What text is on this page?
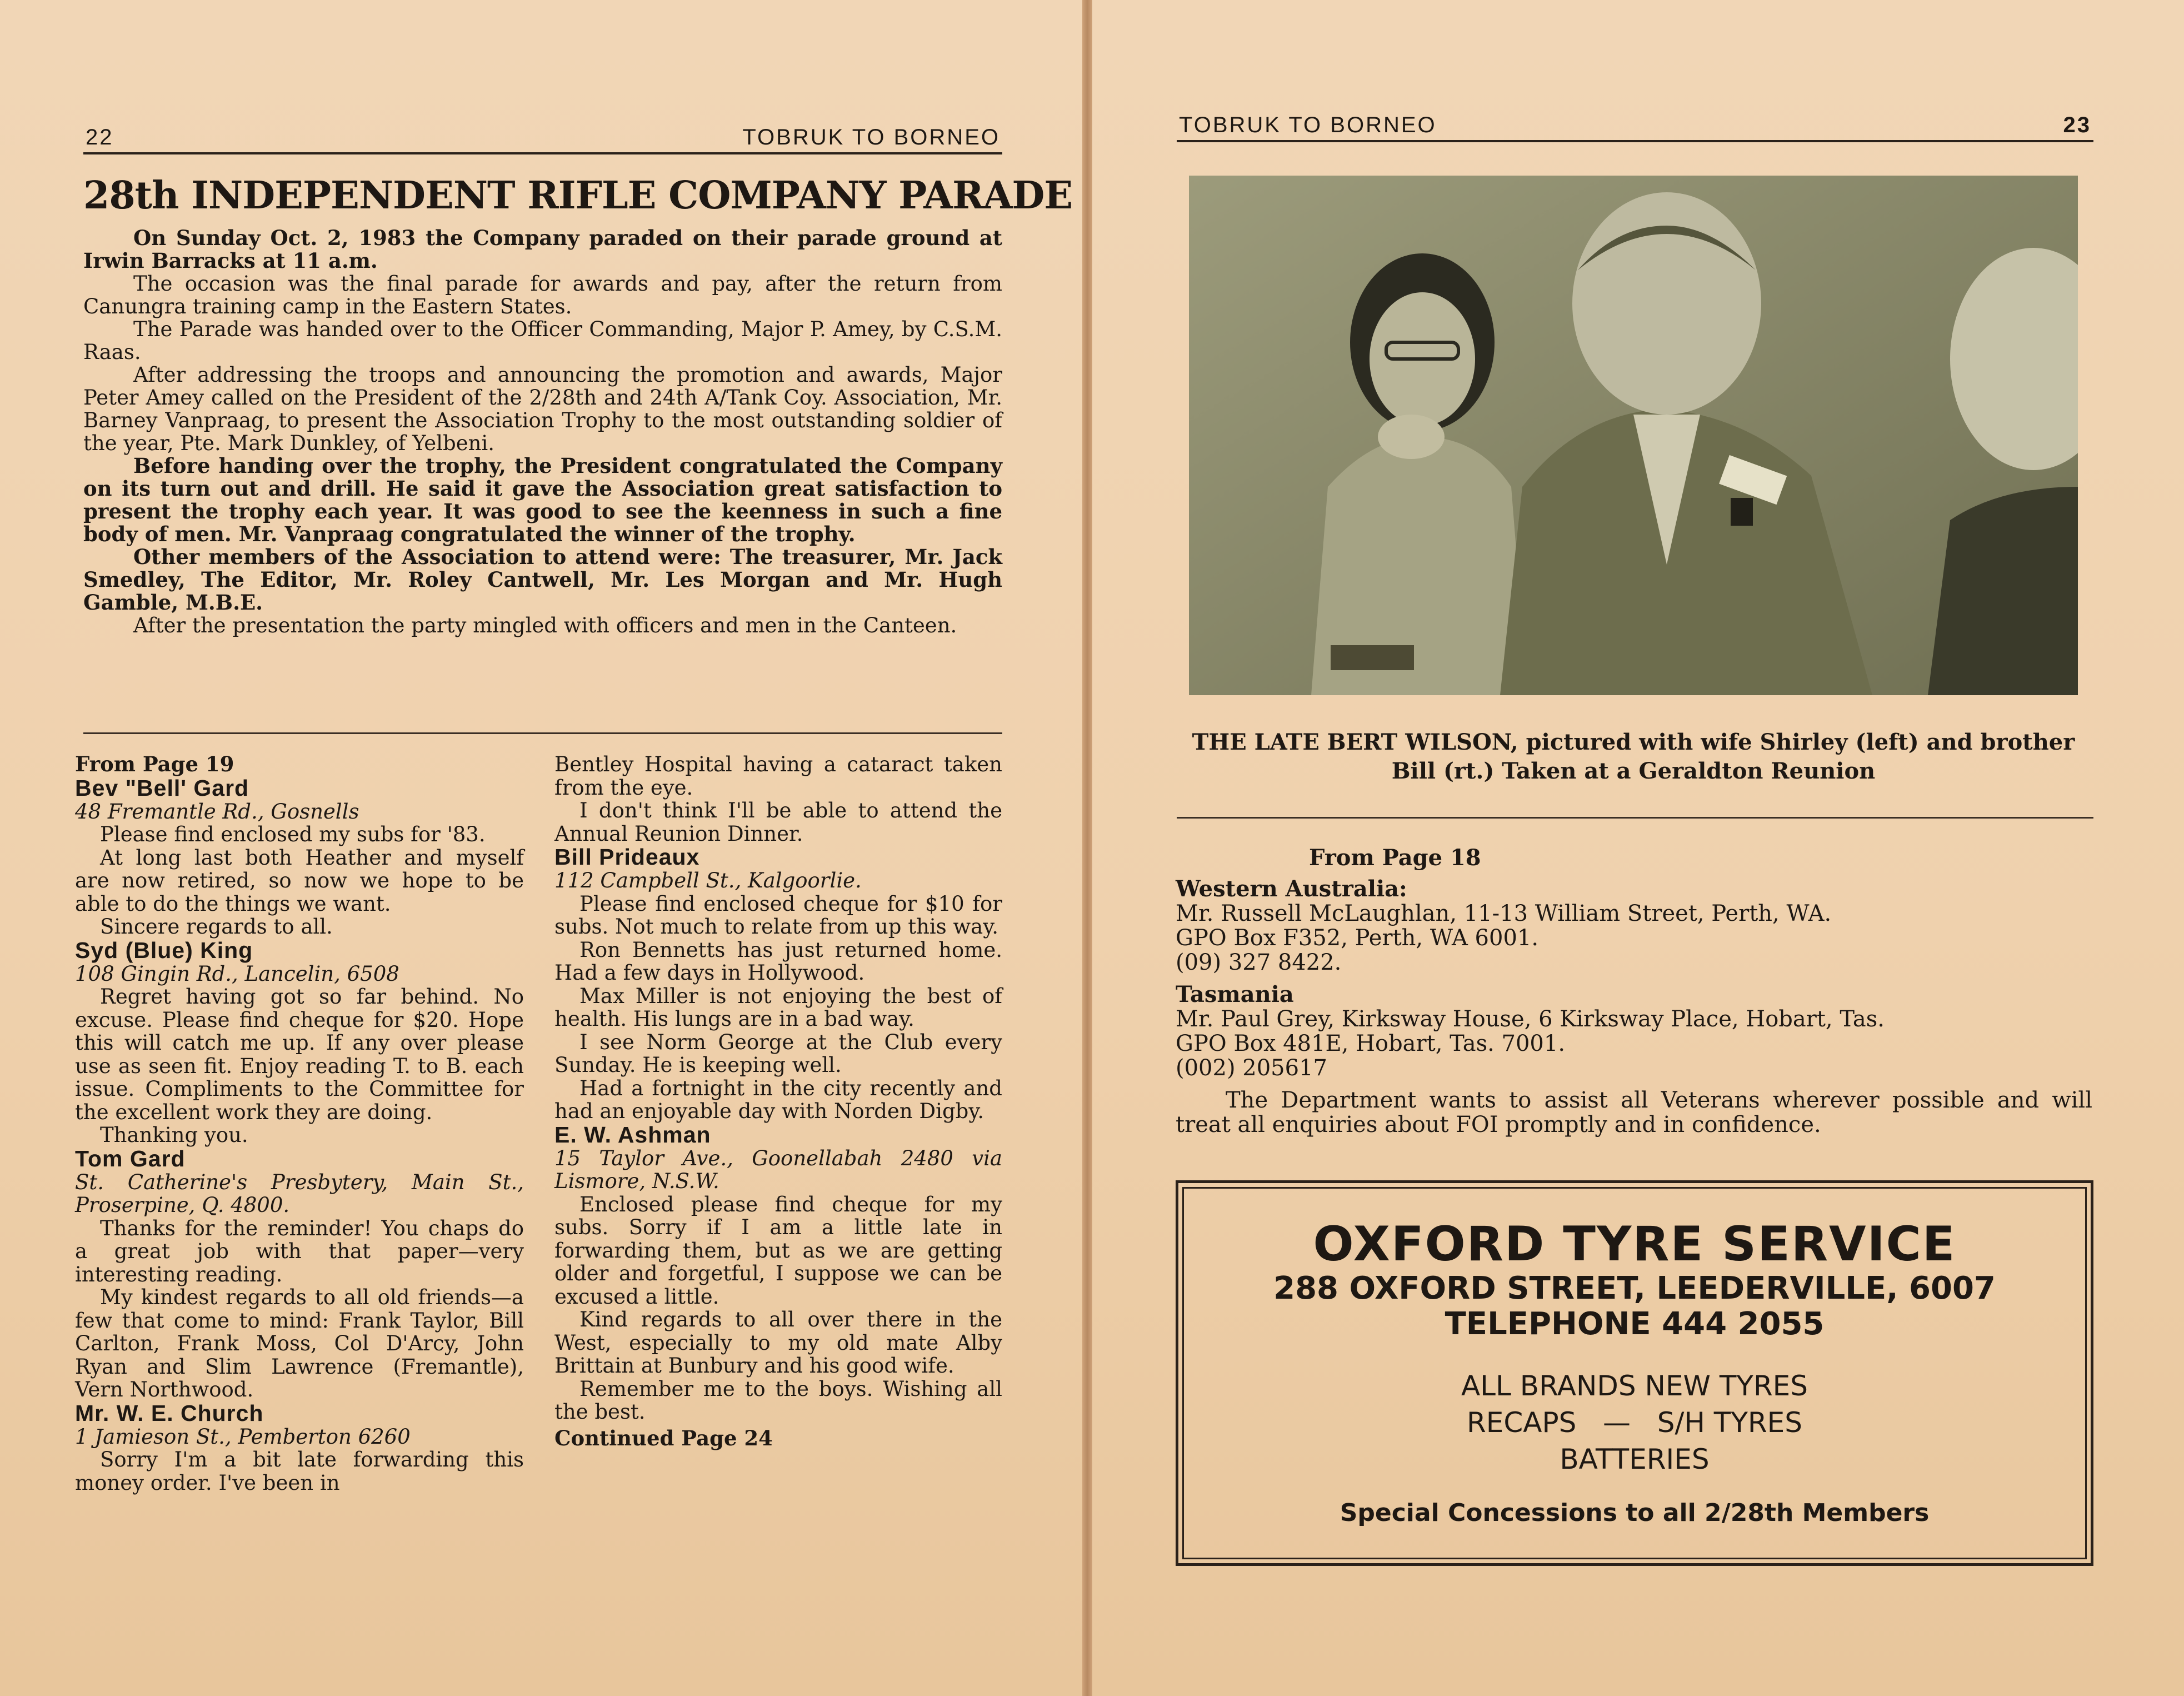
22	TOBRUK TO BORNEO
28th INDEPENDENT RIFLE COMPANY PARADE

On Sunday Oct. 2, 1983 the Company paraded on their parade ground at Irwin Barracks at 11 a.m.

The occasion was the final parade for awards and pay, after the return from Canungra training camp in the Eastern States.

The Parade was handed over to the Officer Commanding, Major P. Amey, by C.S.M. Raas.

After addressing the troops and announcing the promotion and awards, Major Peter Amey called on the President of the 2/28th and 24th A/Tank Coy. Association, Mr. Barney Vanpraag, to present the Association Trophy to the most outstanding soldier of the year, Pte. Mark Dunkley, of Yelbeni.

Before handing over the trophy, the President congratulated the Company on its turn out and drill. He said it gave the Association great satisfaction to present the trophy each year. It was good to see the keenness in such a fine body of men. Mr. Vanpraag congratulated the winner of the trophy.

Other members of the Association to attend were: The treasurer, Mr. Jack Smedley, The Editor, Mr. Roley Cantwell, Mr. Les Morgan and Mr. Hugh Gamble, M.B.E.

After the presentation the party mingled with officers and men in the Canteen.

From Page 19

Bev "Bell' Gard

48 Fremantle Rd., Gosnells

Please find enclosed my subs for '83.

At long last both Heather and myself are now retired, so now we hope to be able to do the things we want.

Sincere regards to all.

Syd (Blue) King

108 Gingin Rd., Lancelin, 6508

Regret having got so far behind. No excuse. Please find cheque for $20. Hope this will catch me up. If any over please use as seen fit. Enjoy reading T. to B. each issue. Compliments to the Committee for the excellent work they are doing.

Thanking you.

Tom Gard

St. Catherine's Presbytery, Main St., Proserpine, Q. 4800.

Thanks for the reminder! You chaps do a great job with that paper—very interesting reading.

My kindest regards to all old friends—a few that come to mind: Frank Taylor, Bill Carlton, Frank Moss, Col D'Arcy, John Ryan and Slim Lawrence (Fremantle), Vern Northwood.

Mr. W. E. Church

1 Jamieson St., Pemberton 6260

Sorry I'm a bit late forwarding this money order. I've been in

Bentley Hospital having a cataract taken from the eye.

I don't think I'll be able to attend the Annual Reunion Dinner.

Bill Prideaux

112 Campbell St., Kalgoorlie.

Please find enclosed cheque for $10 for subs. Not much to relate from up this way.

Ron Bennetts has just returned home. Had a few days in Hollywood.

Max Miller is not enjoying the best of health. His lungs are in a bad way.

I see Norm George at the Club every Sunday. He is keeping well.

Had a fortnight in the city recently and had an enjoyable day with Norden Digby.

E. W. Ashman

15 Taylor Ave., Goonellabah 2480 via Lismore, N.S.W.

Enclosed please find cheque for my subs. Sorry if I am a little late in forwarding them, but as we are getting older and forgetful, I suppose we can be excused a little.

Kind regards to all over there in the West, especially to my old mate Alby Brittain at Bunbury and his good wife.

Remember me to the boys. Wishing all the best.

Continued Page 24

TOBRUK TO BORNEO	23
THE LATE BERT WILSON, pictured with wife Shirley (left) and brother
Bill (rt.) Taken at a Geraldton Reunion

From Page 18

Western Australia:

Mr. Russell McLaughlan, 11-13 William Street, Perth, WA.

GPO Box F352, Perth, WA 6001.

(09) 327 8422.

Tasmania

Mr. Paul Grey, Kirksway House, 6 Kirksway Place, Hobart, Tas.

GPO Box 481E, Hobart, Tas. 7001.

(002) 205617

The Department wants to assist all Veterans wherever possible and will treat all enquiries about FOI promptly and in confidence.

OXFORD TYRE SERVICE
288 OXFORD STREET, LEEDERVILLE, 6007
TELEPHONE 444 2055
ALL BRANDS NEW TYRES
RECAPS   —   S/H TYRES
BATTERIES
Special Concessions to all 2/28th Members
